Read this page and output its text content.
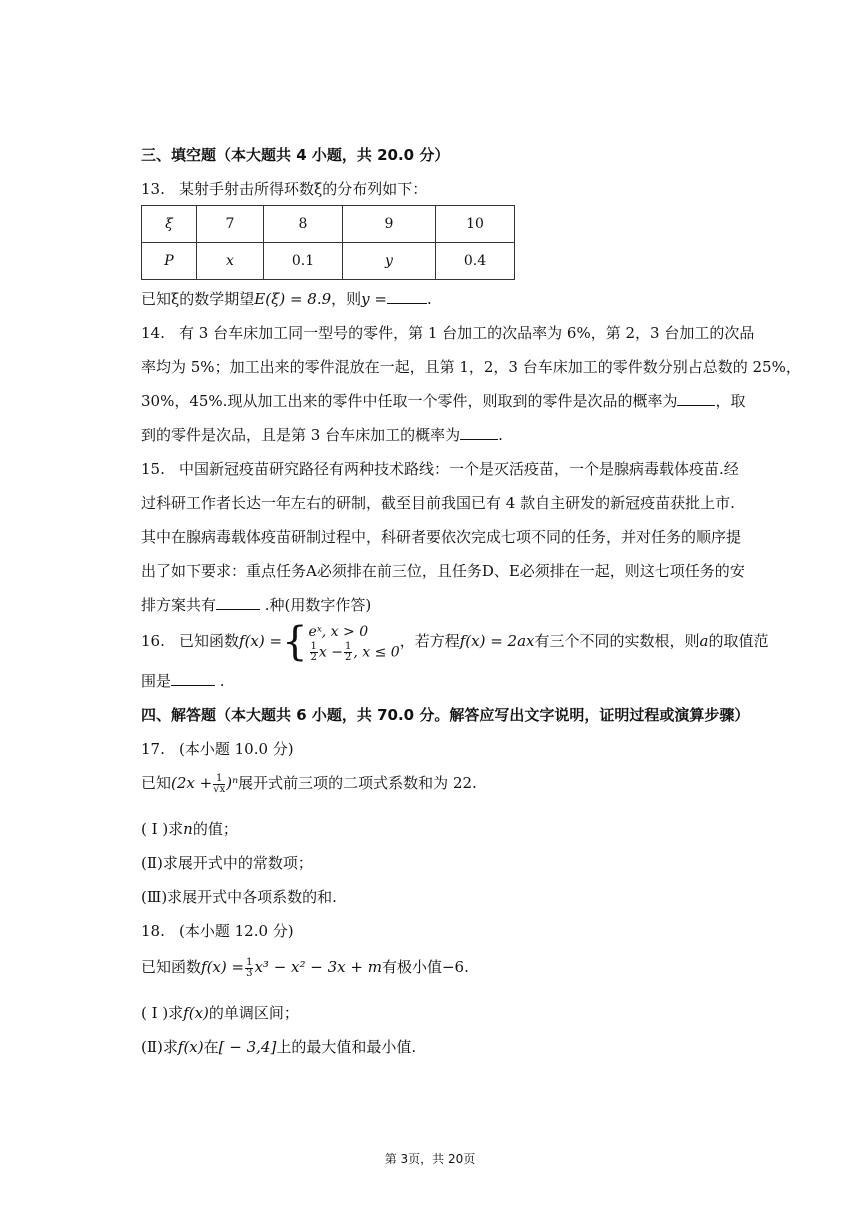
三、填空题（本大题共 4 小题，共 20.0 分）
13. 某射手射击所得环数ξ的分布列如下：
ξ	7	8	9	10
P	x	0.1	y	0.4
已知ξ的数学期望E(ξ) = 8.9，则y =	.
14. 有 3 台车床加工同一型号的零件，第 1 台加工的次品率为 6%，第 2，3 台加工的次品
率均为 5%；加工出来的零件混放在一起，且第 1，2，3 台车床加工的零件数分别占总数的 25%，
30%，45%.现从加工出来的零件中任取一个零件，则取到的零件是次品的概率为	，取
到的零件是次品，且是第 3 台车床加工的概率为	.
15. 中国新冠疫苗研究路径有两种技术路线：一个是灭活疫苗，一个是腺病毒载体疫苗.经
过科研工作者长达一年左右的研制，截至目前我国已有 4 款自主研发的新冠疫苗获批上市.
其中在腺病毒载体疫苗研制过程中，科研者要依次完成七项不同的任务，并对任务的顺序提
出了如下要求：重点任务A必须排在前三位，且任务D、E必须排在一起，则这七项任务的安
排方案共有	.种(用数字作答)
16. 已知函数f(x) ={ eˣ, x > 0
$\frac{1}{2}$ $x - \frac{1}{2}$ , x ≤ 0
，若方程f(x) = 2ax有三个不同的实数根，则a的取值范
围是	.
四、解答题（本大题共 6 小题，共 70.0 分。解答应写出文字说明，证明过程或演算步骤）
17. (本小题 10.0 分)
已知$(2x + \frac{1}{√x} )^n$展开式前三项的二项式系数和为 22.
( Ⅰ )求n的值；
(Ⅱ)求展开式中的常数项；
(Ⅲ)求展开式中各项系数的和.
18. (本小题 12.0 分)
已知函数$f(x) = \frac{1}{3} x^3 - x^2 - 3x + m$有极小值−6.
( Ⅰ )求f(x)的单调区间；
(Ⅱ)求f(x)在[ − 3,4]上的最大值和最小值.
第 3页，共 20页
